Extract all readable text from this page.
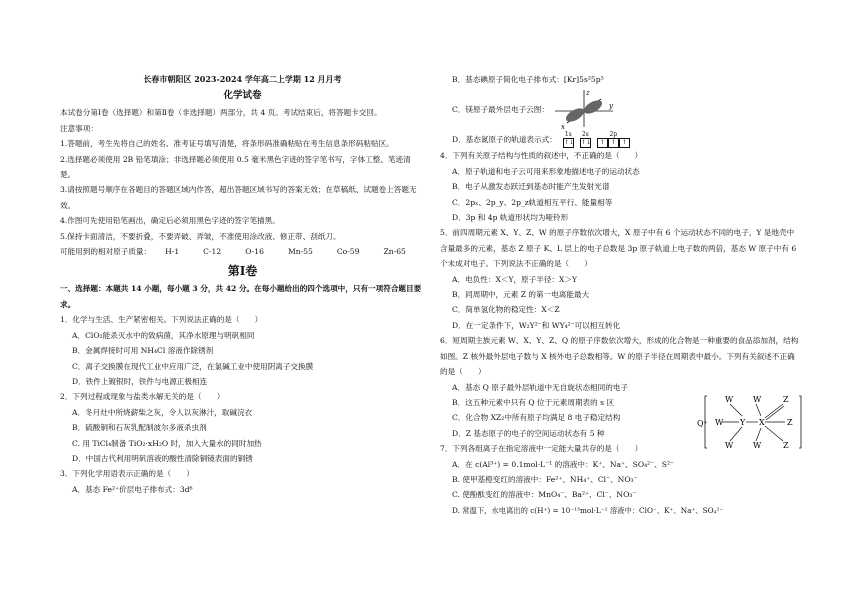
长春市朝阳区 2023-2024 学年高二上学期 12 月月考
化学试卷
本试卷分第Ⅰ卷（选择题）和第Ⅱ卷（非选择题）两部分，共 4 页。考试结束后，将答题卡交回。
注意事项：
1.答题前，考生先将自己的姓名、准考证号填写清楚，将条形码准确粘贴在考生信息条形码粘贴区。
2.选择题必须使用 2B 铅笔填涂；非选择题必须使用 0.5 毫米黑色字迹的签字笔书写，字体工整、笔迹清楚。
3.请按照题号顺序在各题目的答题区域内作答，超出答题区域书写的答案无效；在草稿纸、试题卷上答题无效。
4.作图可先使用铅笔画出，确定后必须用黑色字迹的签字笔描黑。
5.保持卡面清洁，不要折叠，不要弄破、弄皱，不准使用涂改液、修正带、刮纸刀。
可能用到的相对原子质量： H-1	C-12	O-16	Mn-55	Co-59	Zn-65
第Ⅰ卷
一、选择题：本题共 14 小题，每小题 3 分，共 42 分。在每小题给出的四个选项中，只有一项符合题目要求。
1．化学与生活、生产紧密相关。下列说法正确的是（　　）
A．ClO₂能杀灭水中的致病菌，其净水原理与明矾相同
B．金属焊接时可用 NH₄Cl 溶液作除锈剂
C．离子交换膜在现代工业中应用广泛，在氯碱工业中使用阴离子交换膜
D．铁件上镀银时，铁件与电源正极相连
2．下列过程或现象与盐类水解无关的是（　　）
A．冬月灶中所烧薪柴之灰，令人以灰淋汁，取碱浣衣
B．硫酸铜和石灰乳配制波尔多液杀虫剂
C. 用 TiCl₄制备 TiO₂·xH₂O 时，加入大量水的同时加热
D．中国古代利用明矾溶液的酸性清除铜镜表面的铜锈
3．下列化学用语表示正确的是（　　）
A．基态 Fe²⁺价层电子排布式：3d⁶
B．基态碘原子简化电子排布式：[Kr]5s²5p⁵
C．镁原子最外层电子云图：
z
x
y
D．基态氮原子的轨道表示式：
1s
↑↓
2s
↑↓
2p
↑ ↑ ↑
4．下列有关原子结构与性质的叙述中，不正确的是（　　）
A．原子轨道和电子云可用来形象地描述电子的运动状态
B．电子从激发态跃迁到基态时能产生发射光谱
C．2pₓ、2p_y、2p_z轨道相互平行、能量相等
D．3p 和 4p 轨道形状均为哑铃形
5．前四周期元素 X、Y、Z、W 的原子序数依次增大，X 原子中有 6 个运动状态不同的电子，Y 是地壳中含量最多的元素，基态 Z 原子 K、L 层上的电子总数是 3p 原子轨道上电子数的两倍，基态 W 原子中有 6 个未成对电子。下列说法不正确的是（　　）
A．电负性：X＜Y，原子半径：X＞Y
B．同周期中，元素 Z 的第一电离能最大
C．简单氢化物的稳定性：X＜Z
D．在一定条件下，W₂Y²⁻和 WY₄²⁻可以相互转化
6．短周期主族元素 W、X、Y、Z、Q 的原子序数依次增大，形成的化合物是一种重要的食品添加剂，结构如图。Z 核外最外层电子数与 X 核外电子总数相等。W 的原子半径在周期表中最小。下列有关叙述不正确的是（　　）
A．基态 Q 原子最外层轨道中无自旋状态相同的电子
B．这五种元素中只有 Q 位于元素周期表的 s 区
C．化合物 XZ₂中所有原子均满足 8 电子稳定结构
D．Z 基态原子的电子的空间运动状态有 5 种
7．下列各组离子在指定溶液中一定能大量共存的是（　　）
A．在 c(Al³⁺) = 0.1mol·L⁻¹ 的溶液中：K⁺、Na⁺、SO₄²⁻、S²⁻
B. 使甲基橙变红的溶液中：Fe²⁺、NH₄⁺、Cl⁻、NO₃⁻
C. 使酚酞变红的溶液中：MnO₄⁻、Ba²⁺、Cl⁻、NO₃⁻
D. 常温下，水电离出的 c(H⁺) = 10⁻¹³mol·L⁻¹ 溶液中：ClO⁻、K⁺、Na⁺、SO₄²⁻
Q⁺
W W	Z
W Y X	Z
W W	Z
